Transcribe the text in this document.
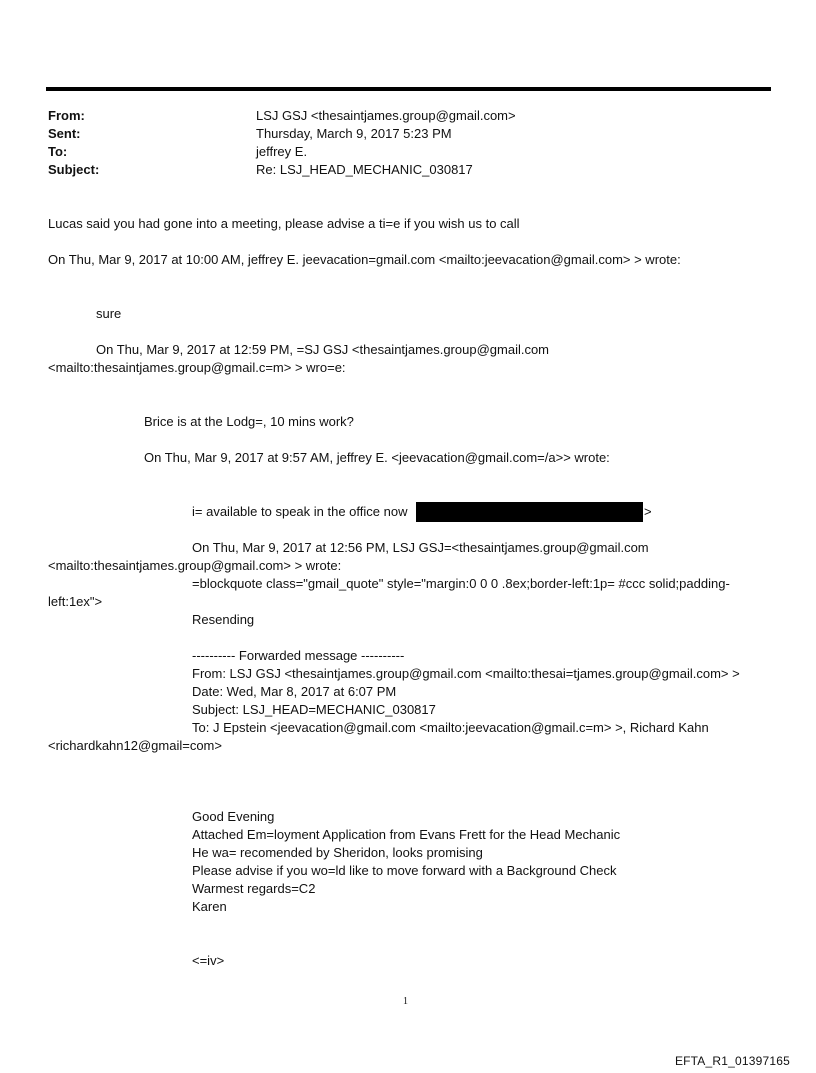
From:	LSJ GSJ <thesaintjames.group@gmail.com>
Sent:	Thursday, March 9, 2017 5:23 PM
To:	jeffrey E.
Subject:	Re: LSJ_HEAD_MECHANIC_030817
Lucas said you had gone into a meeting, please advise a ti=e if you wish us to call
On Thu, Mar 9, 2017 at 10:00 AM, jeffrey E. jeevacation=gmail.com <mailto:jeevacation@gmail.com> > wrote:
sure
On Thu, Mar 9, 2017 at 12:59 PM, =SJ GSJ <thesaintjames.group@gmail.com
<mailto:thesaintjames.group@gmail.c=m> > wro=e:
Brice is at the Lodg=, 10 mins work?
On Thu, Mar 9, 2017 at 9:57 AM, jeffrey E. <jeevacation@gmail.com=/a>> wrote:
i= available to speak in the office now	>
On Thu, Mar 9, 2017 at 12:56 PM, LSJ GSJ=<thesaintjames.group@gmail.com
<mailto:thesaintjames.group@gmail.com> > wrote:
=blockquote class="gmail_quote" style="margin:0 0 0 .8ex;border-left:1p= #ccc solid;padding-
left:1ex">
Resending
---------- Forwarded message ----------
From: LSJ GSJ <thesaintjames.group@gmail.com <mailto:thesai=tjames.group@gmail.com> >
Date: Wed, Mar 8, 2017 at 6:07 PM
Subject: LSJ_HEAD=MECHANIC_030817
To: J Epstein <jeevacation@gmail.com <mailto:jeevacation@gmail.c=m> >, Richard Kahn
<richardkahn12@gmail=com>
Good Evening
Attached Em=loyment Application from Evans Frett for the Head Mechanic
He wa= recomended by Sheridon, looks promising
Please advise if you wo=ld like to move forward with a Background Check
Warmest regards=C2
Karen
<=iv>
1
EFTA_R1_01397165
